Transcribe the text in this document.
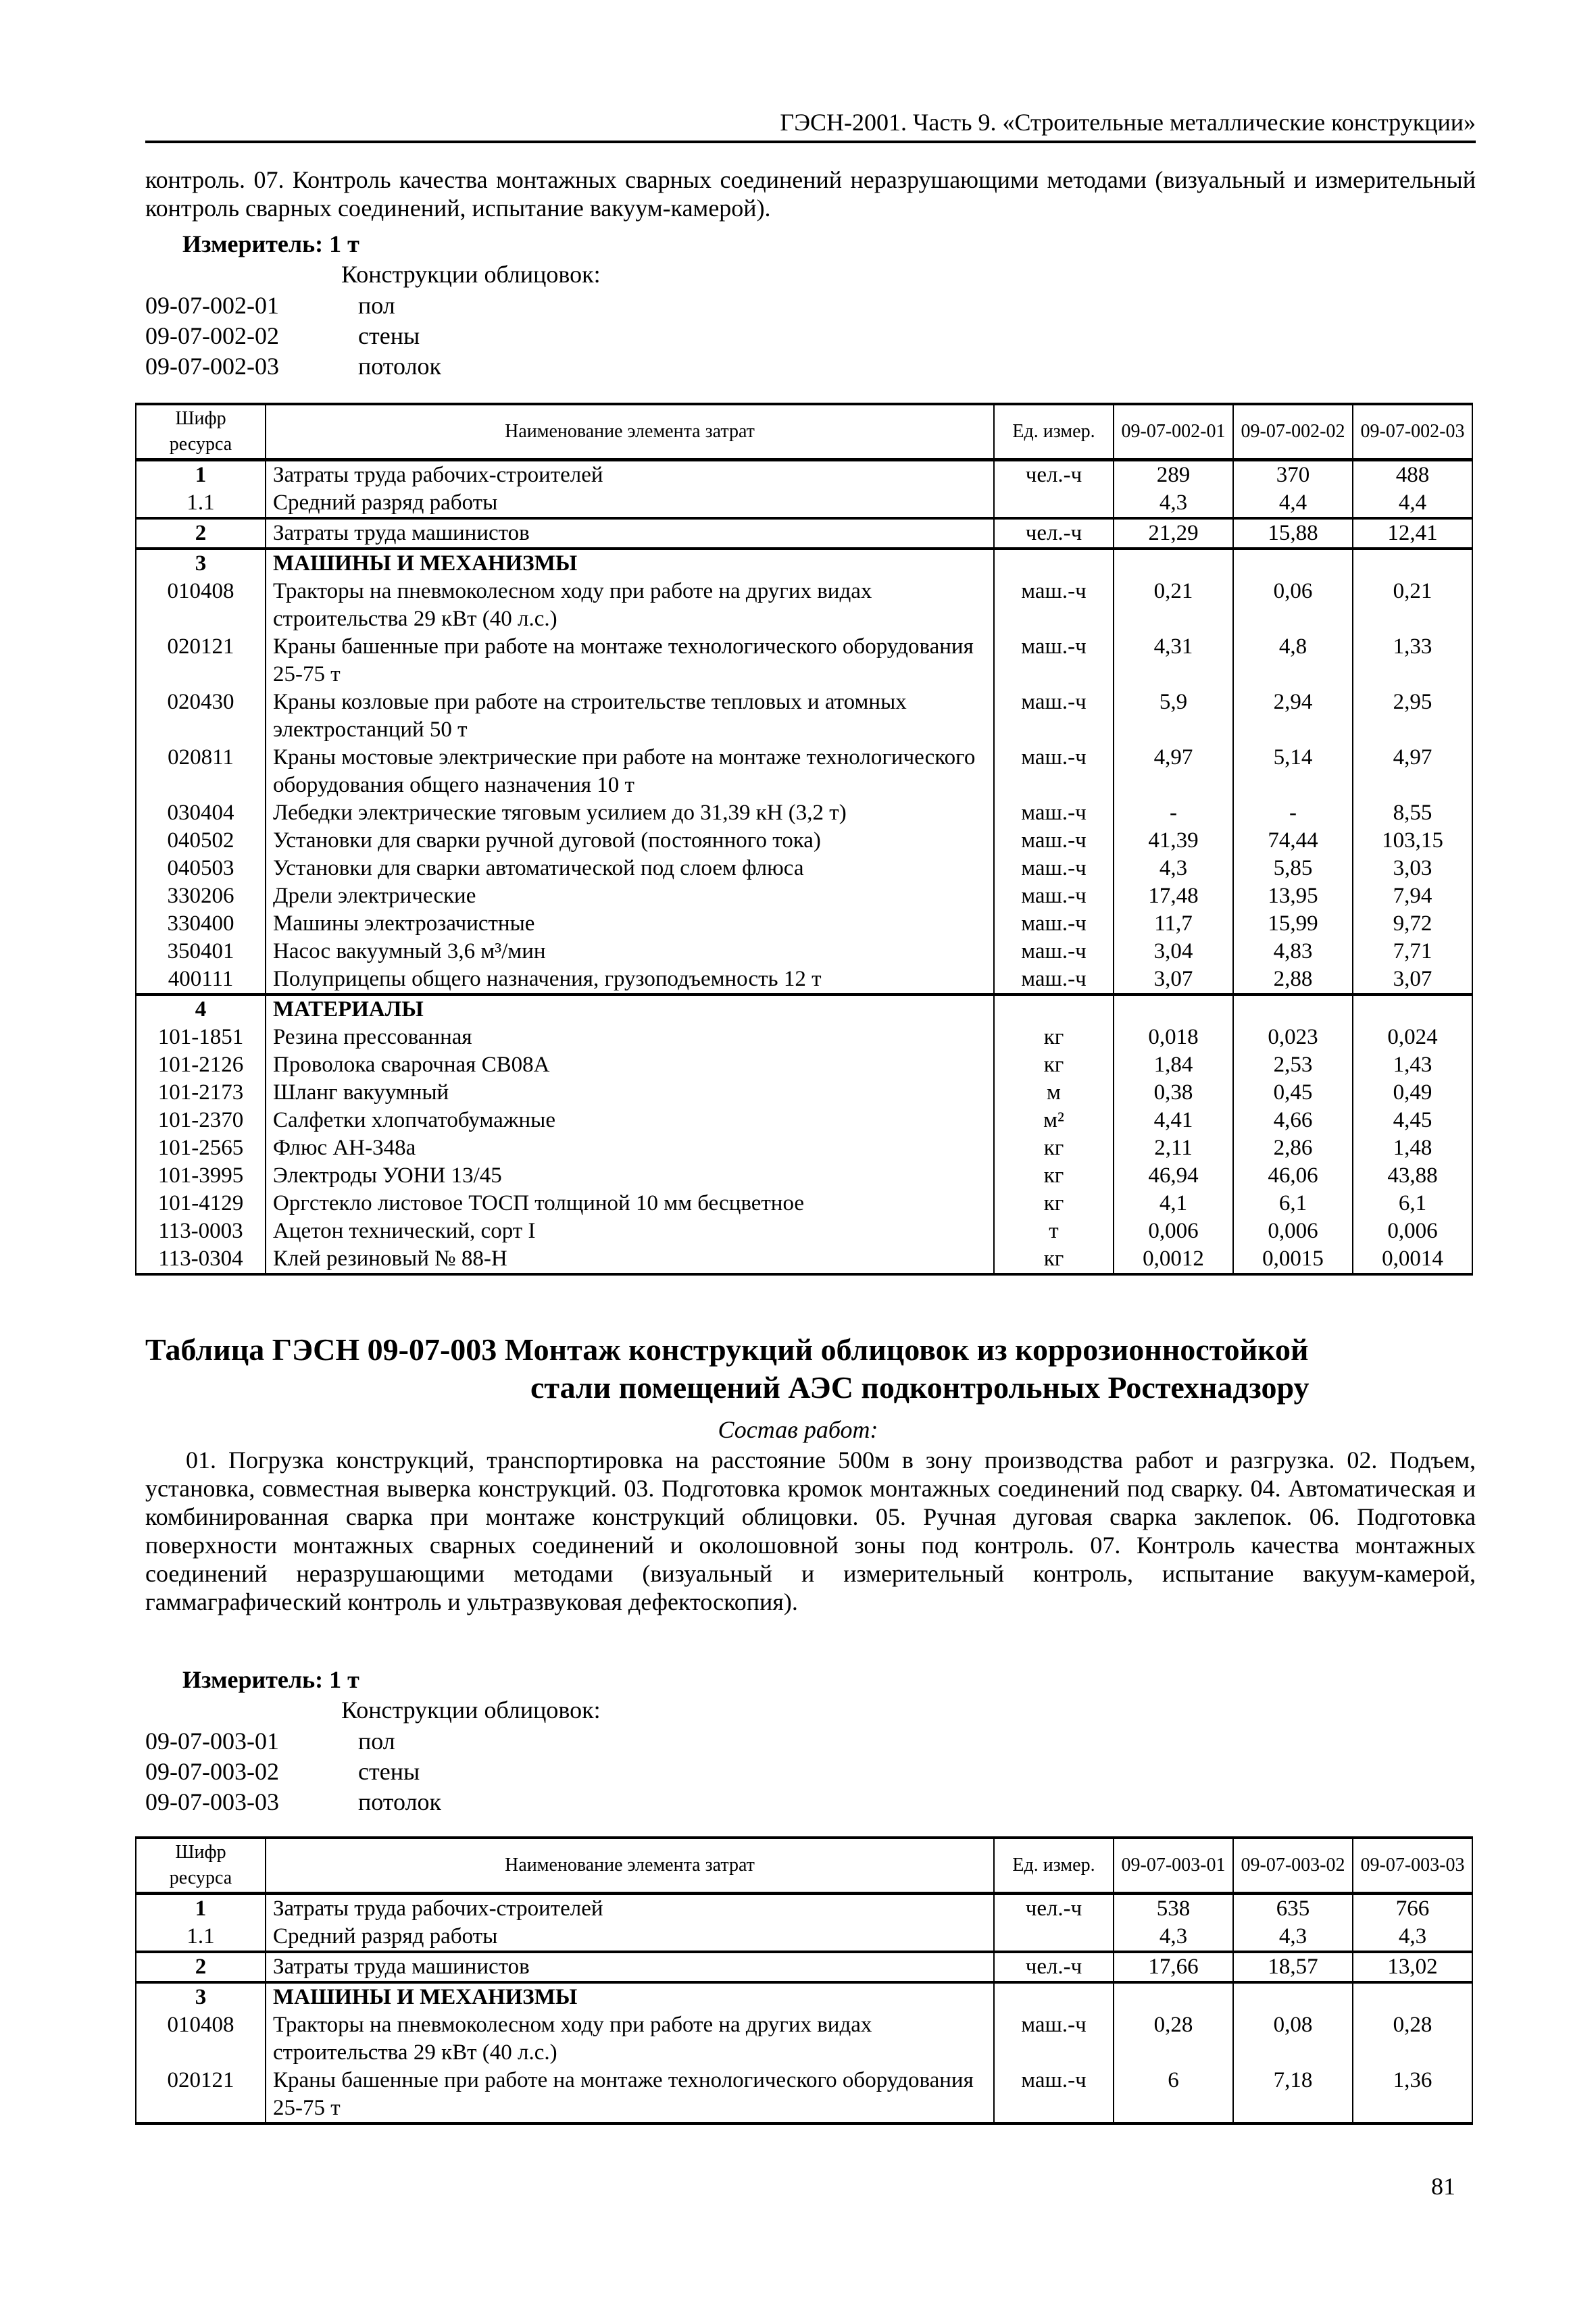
ГЭСН-2001. Часть 9. «Строительные металлические конструкции»
контроль. 07. Контроль качества монтажных сварных соединений неразрушающими методами (визуальный и измерительный контроль сварных соединений, испытание вакуум-камерой).
Измеритель: 1 т
Конструкции облицовок:
09-07-002-01	пол
09-07-002-02	стены
09-07-002-03	потолок
Шифр ресурса	Наименование элемента затрат	Ед. измер.	09-07-002-01	09-07-002-02	09-07-002-03
1	Затраты труда рабочих-строителей	чел.-ч	289	370	488
1.1	Средний разряд работы		4,3	4,4	4,4
2	Затраты труда машинистов	чел.-ч	21,29	15,88	12,41
3	МАШИНЫ И МЕХАНИЗМЫ				
010408	Тракторы на пневмоколесном ходу при работе на других видах строительства 29 кВт (40 л.с.)	маш.-ч	0,21	0,06	0,21
020121	Краны башенные при работе на монтаже технологического оборудования 25-75 т	маш.-ч	4,31	4,8	1,33
020430	Краны козловые при работе на строительстве тепловых и атомных электростанций 50 т	маш.-ч	5,9	2,94	2,95
020811	Краны мостовые электрические при работе на монтаже технологического оборудования общего назначения 10 т	маш.-ч	4,97	5,14	4,97
030404	Лебедки электрические тяговым усилием до 31,39 кН (3,2 т)	маш.-ч	-	-	8,55
040502	Установки для сварки ручной дуговой (постоянного тока)	маш.-ч	41,39	74,44	103,15
040503	Установки для сварки автоматической под слоем флюса	маш.-ч	4,3	5,85	3,03
330206	Дрели электрические	маш.-ч	17,48	13,95	7,94
330400	Машины электрозачистные	маш.-ч	11,7	15,99	9,72
350401	Насос вакуумный 3,6 м³/мин	маш.-ч	3,04	4,83	7,71
400111	Полуприцепы общего назначения, грузоподъемность 12 т	маш.-ч	3,07	2,88	3,07
4	МАТЕРИАЛЫ				
101-1851	Резина прессованная	кг	0,018	0,023	0,024
101-2126	Проволока сварочная СВ08А	кг	1,84	2,53	1,43
101-2173	Шланг вакуумный	м	0,38	0,45	0,49
101-2370	Салфетки хлопчатобумажные	м²	4,41	4,66	4,45
101-2565	Флюс АН-348а	кг	2,11	2,86	1,48
101-3995	Электроды УОНИ 13/45	кг	46,94	46,06	43,88
101-4129	Оргстекло листовое ТОСП толщиной 10 мм бесцветное	кг	4,1	6,1	6,1
113-0003	Ацетон технический, сорт I	т	0,006	0,006	0,006
113-0304	Клей резиновый № 88-Н	кг	0,0012	0,0015	0,0014
Таблица ГЭСН 09-07-003 Монтаж конструкций облицовок из коррозионностойкой
стали помещений АЭС подконтрольных Ростехнадзору
Состав работ:
01. Погрузка конструкций, транспортировка на расстояние 500м в зону производства работ и разгрузка. 02. Подъем, установка, совместная выверка конструкций. 03. Подготовка кромок монтажных соединений под сварку. 04. Автоматическая и комбинированная сварка при монтаже конструкций облицовки. 05. Ручная дуговая сварка заклепок. 06. Подготовка поверхности монтажных сварных соединений и околошовной зоны под контроль. 07. Контроль качества монтажных соединений неразрушающими методами (визуальный и измерительный контроль, испытание вакуум-камерой, гаммаграфический контроль и ультразвуковая дефектоскопия).
Измеритель: 1 т
Конструкции облицовок:
09-07-003-01	пол
09-07-003-02	стены
09-07-003-03	потолок
Шифр ресурса	Наименование элемента затрат	Ед. измер.	09-07-003-01	09-07-003-02	09-07-003-03
1	Затраты труда рабочих-строителей	чел.-ч	538	635	766
1.1	Средний разряд работы		4,3	4,3	4,3
2	Затраты труда машинистов	чел.-ч	17,66	18,57	13,02
3	МАШИНЫ И МЕХАНИЗМЫ				
010408	Тракторы на пневмоколесном ходу при работе на других видах строительства 29 кВт (40 л.с.)	маш.-ч	0,28	0,08	0,28
020121	Краны башенные при работе на монтаже технологического оборудования 25-75 т	маш.-ч	6	7,18	1,36
81
